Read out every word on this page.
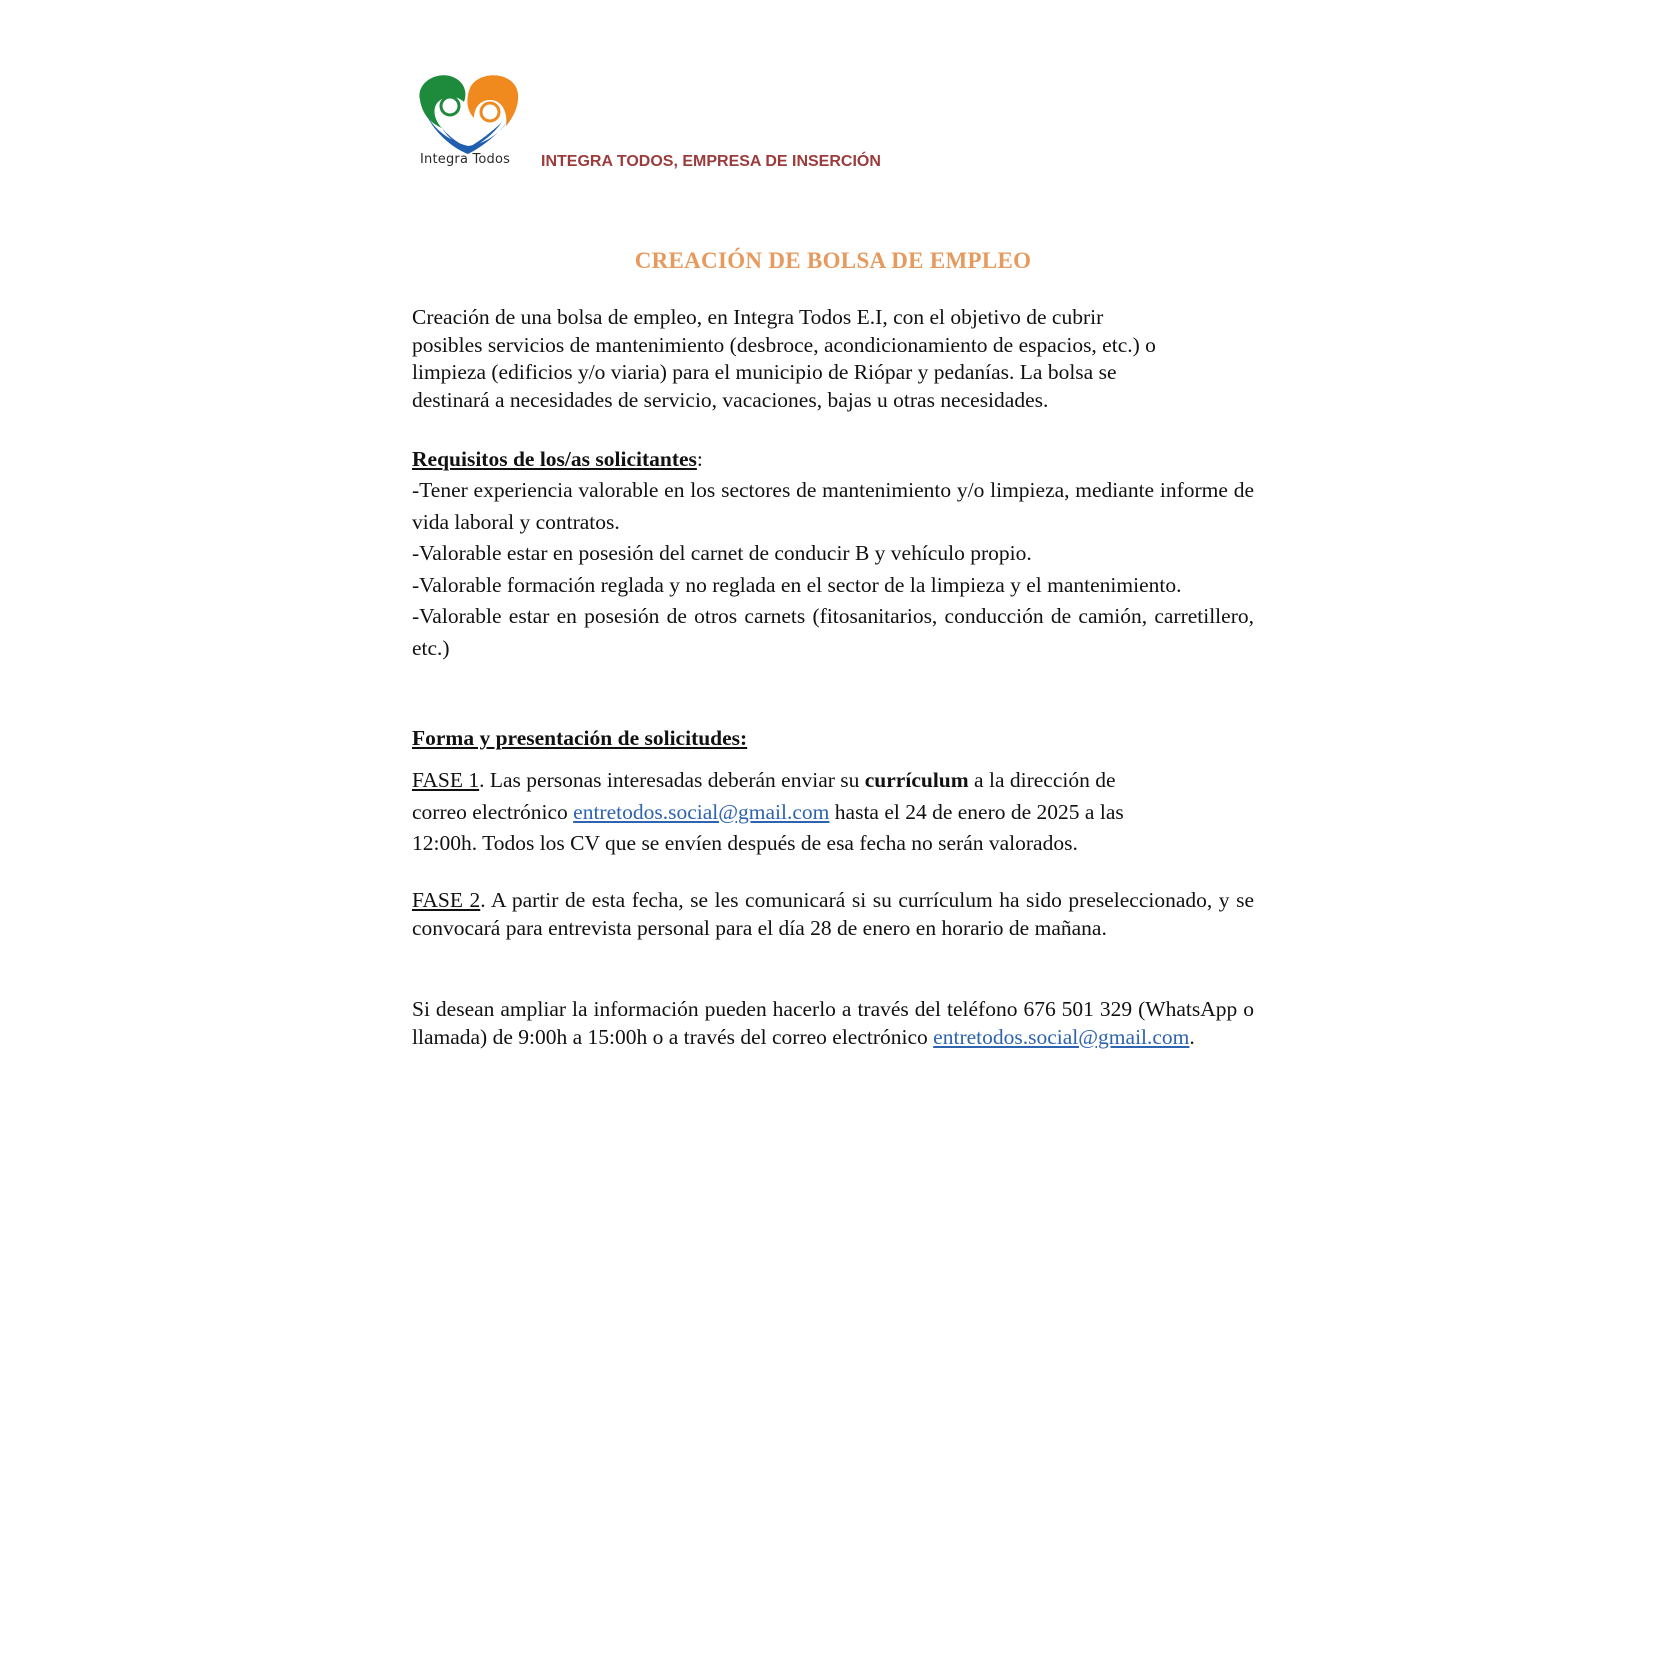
Integra Todos INTEGRA TODOS, EMPRESA DE INSERCIÓN
CREACIÓN DE BOLSA DE EMPLEO

Creación de una bolsa de empleo, en Integra Todos E.I, con el objetivo de cubrir

posibles servicios de mantenimiento (desbroce, acondicionamiento de espacios, etc.) o

limpieza (edificios y/o viaria) para el municipio de Riópar y pedanías. La bolsa se

destinará a necesidades de servicio, vacaciones, bajas u otras necesidades.

Requisitos de los/as solicitantes:

-Tener experiencia valorable en los sectores de mantenimiento y/o limpieza, mediante informe de vida laboral y contratos.

-Valorable estar en posesión del carnet de conducir B y vehículo propio.

-Valorable formación reglada y no reglada en el sector de la limpieza y el mantenimiento.

-Valorable estar en posesión de otros carnets (fitosanitarios, conducción de camión, carretillero, etc.)

Forma y presentación de solicitudes:

FASE 1. Las personas interesadas deberán enviar su currículum a la dirección de

correo electrónico entretodos.social@gmail.com hasta el 24 de enero de 2025 a las

12:00h. Todos los CV que se envíen después de esa fecha no serán valorados.

FASE 2. A partir de esta fecha, se les comunicará si su currículum ha sido preseleccionado, y se convocará para entrevista personal para el día 28 de enero en horario de mañana.

Si desean ampliar la información pueden hacerlo a través del teléfono 676 501 329 (WhatsApp o llamada) de 9:00h a 15:00h o a través del correo electrónico entretodos.social@gmail.com.
